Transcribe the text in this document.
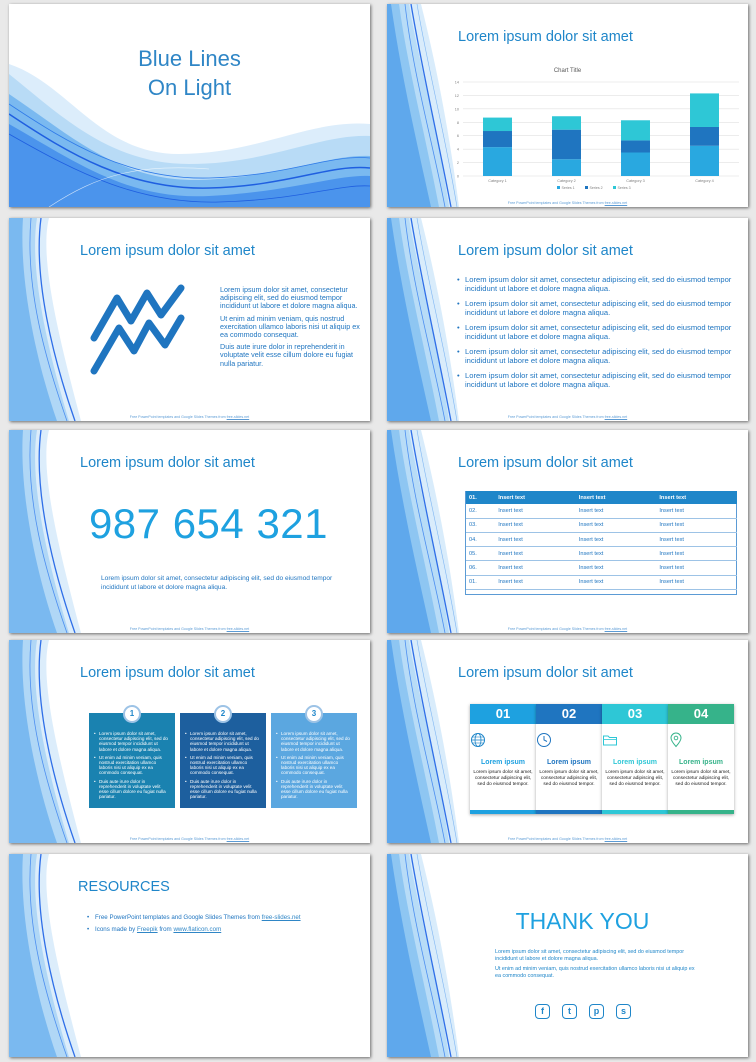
Blue Lines
On Light
Lorem ipsum dolor sit amet
Chart Title
0
2
4
6
8
10
12
14
Category 1	Category 2	Category 3	Category 4
Series 1	Series 2	Series 3
Free PowerPoint templates and Google Slides Themes from free-slides.net
Lorem ipsum dolor sit amet

Lorem ipsum dolor sit amet, consectetur adipiscing elit, sed do eiusmod tempor incididunt ut labore et dolore magna aliqua.

Ut enim ad minim veniam, quis nostrud exercitation ullamco laboris nisi ut aliquip ex ea commodo consequat.

Duis aute irure dolor in reprehenderit in voluptate velit esse cillum dolore eu fugiat nulla pariatur.

Free PowerPoint templates and Google Slides Themes from free-slides.net
Lorem ipsum dolor sit amet
• Lorem ipsum dolor sit amet, consectetur adipiscing elit, sed do eiusmod tempor incididunt ut labore et dolore magna aliqua.
• Lorem ipsum dolor sit amet, consectetur adipiscing elit, sed do eiusmod tempor incididunt ut labore et dolore magna aliqua.
• Lorem ipsum dolor sit amet, consectetur adipiscing elit, sed do eiusmod tempor incididunt ut labore et dolore magna aliqua.
• Lorem ipsum dolor sit amet, consectetur adipiscing elit, sed do eiusmod tempor incididunt ut labore et dolore magna aliqua.
• Lorem ipsum dolor sit amet, consectetur adipiscing elit, sed do eiusmod tempor incididunt ut labore et dolore magna aliqua.
Free PowerPoint templates and Google Slides Themes from free-slides.net
Lorem ipsum dolor sit amet
987 654 321
Lorem ipsum dolor sit amet, consectetur adipiscing elit, sed do eiusmod tempor incididunt ut labore et dolore magna aliqua.
Free PowerPoint templates and Google Slides Themes from free-slides.net
Lorem ipsum dolor sit amet
01.	Insert text	Insert text	Insert text
02.	Insert text	Insert text	Insert text
03.	Insert text	Insert text	Insert text
04.	Insert text	Insert text	Insert text
05.	Insert text	Insert text	Insert text
06.	Insert text	Insert text	Insert text
01.	Insert text	Insert text	Insert text
Free PowerPoint templates and Google Slides Themes from free-slides.net
Lorem ipsum dolor sit amet
1
• Lorem ipsum dolor sit amet, consectetur adipiscing elit, sed do eiusmod tempor incididunt ut labore et dolore magna aliqua.
• Ut enim ad minim veniam, quis nostrud exercitation ullamco laboris nisi ut aliquip ex ea commodo consequat.
• Duis aute irure dolor in reprehenderit in voluptate velit esse cillum dolore eu fugiat nulla pariatur.
2
• Lorem ipsum dolor sit amet, consectetur adipiscing elit, sed do eiusmod tempor incididunt ut labore et dolore magna aliqua.
• Ut enim ad minim veniam, quis nostrud exercitation ullamco laboris nisi ut aliquip ex ea commodo consequat.
• Duis aute irure dolor in reprehenderit in voluptate velit esse cillum dolore eu fugiat nulla pariatur.
3
• Lorem ipsum dolor sit amet, consectetur adipiscing elit, sed do eiusmod tempor incididunt ut labore et dolore magna aliqua.
• Ut enim ad minim veniam, quis nostrud exercitation ullamco laboris nisi ut aliquip ex ea commodo consequat.
• Duis aute irure dolor in reprehenderit in voluptate velit esse cillum dolore eu fugiat nulla pariatur.
Free PowerPoint templates and Google Slides Themes from free-slides.net
Lorem ipsum dolor sit amet
01
Lorem ipsum
Lorem ipsum dolor sit amet, consectetur adipiscing elit, sed do eiusmod tempor.
02
Lorem ipsum
Lorem ipsum dolor sit amet, consectetur adipiscing elit, sed do eiusmod tempor.
03
Lorem ipsum
Lorem ipsum dolor sit amet, consectetur adipiscing elit, sed do eiusmod tempor.
04
Lorem ipsum
Lorem ipsum dolor sit amet, consectetur adipiscing elit, sed do eiusmod tempor.
Free PowerPoint templates and Google Slides Themes from free-slides.net
RESOURCES
• Free PowerPoint templates and Google Slides Themes from free-slides.net
• Icons made by Freepik from www.flaticon.com	THANK YOU

Lorem ipsum dolor sit amet, consectetur adipiscing elit, sed do eiusmod tempor incididunt ut labore et dolore magna aliqua.

Ut enim ad minim veniam, quis nostrud exercitation ullamco laboris nisi ut aliquip ex ea commodo consequat.

f	t	p	s
